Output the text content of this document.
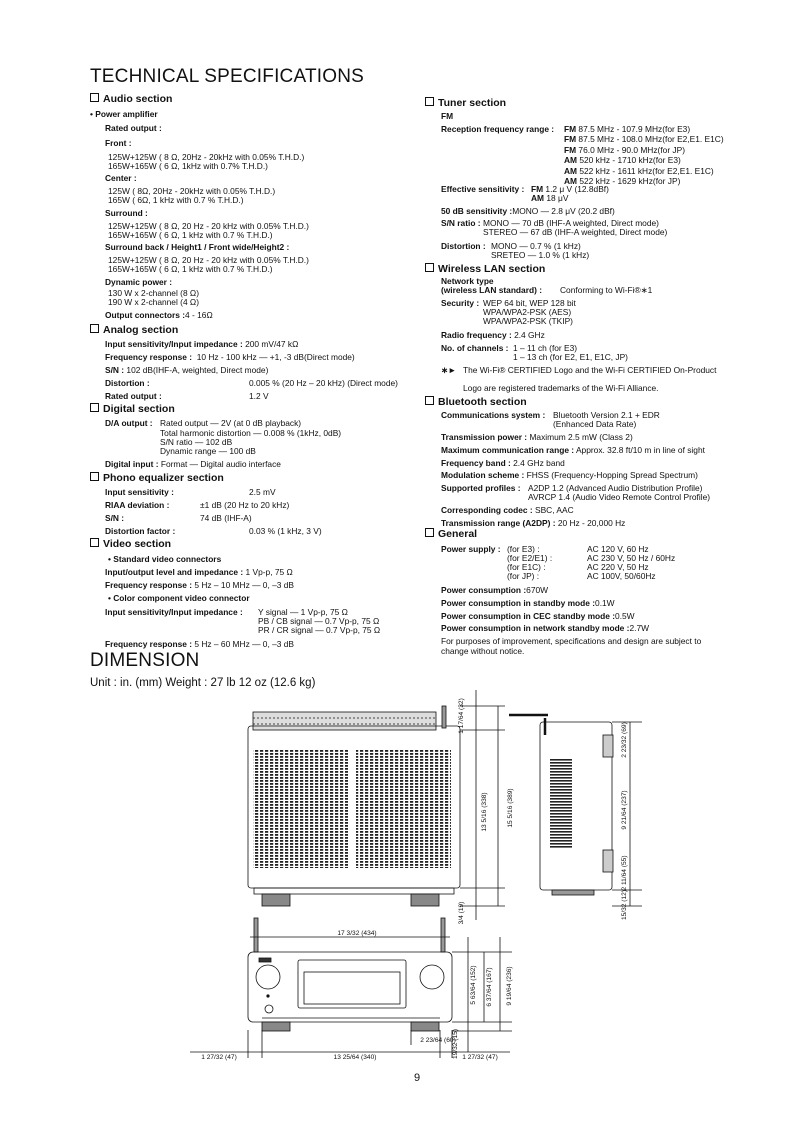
TECHNICAL SPECIFICATIONS
Audio section
• Power amplifier
Rated output :
Front :
125W+125W ( 8 Ω, 20Hz - 20kHz with 0.05% T.H.D.)
165W+165W ( 6 Ω, 1kHz with 0.7% T.H.D.)
Center :
125W ( 8Ω, 20Hz - 20kHz with 0.05% T.H.D.)
165W ( 6Ω, 1 kHz with 0.7 % T.H.D.)
Surround :
125W+125W ( 8 Ω, 20 Hz - 20 kHz with 0.05% T.H.D.)
165W+165W ( 6 Ω, 1 kHz with 0.7 % T.H.D.)
Surround back / Height1 / Front wide/Height2 :
125W+125W ( 8 Ω, 20 Hz - 20 kHz with 0.05% T.H.D.)
165W+165W ( 6 Ω, 1 kHz with 0.7 % T.H.D.)
Dynamic power :
130 W x 2-channel (8 Ω)
190 W x 2-channel (4 Ω)
Output connectors :4 - 16Ω
Analog section
Input sensitivity/Input impedance : 200 mV/47 kΩ
Frequency response : 10 Hz - 100 kHz — +1, -3 dB(Direct mode)
S/N : 102 dB(IHF-A, weighted, Direct mode)
Distortion :	0.005 % (20 Hz – 20 kHz) (Direct mode)
Rated output :	1.2 V
Digital section
D/A output : Rated output — 2V (at 0 dB playback)
Total harmonic distortion — 0.008 % (1kHz, 0dB)
S/N ratio — 102 dB
Dynamic range — 100 dB
Digital input : Format — Digital audio interface
Phono equalizer section
Input sensitivity :	2.5 mV
RIAA deviation :	±1 dB (20 Hz to 20 kHz)
S/N :	74 dB (IHF-A)
Distortion factor :	0.03 % (1 kHz, 3 V)
Video section
• Standard video connectors
Input/output level and impedance : 1 Vp-p, 75 Ω
Frequency response : 5 Hz – 10 MHz — 0, –3 dB
• Color component video connector
Input sensitivity/Input impedance : Y signal — 1 Vp-p, 75 Ω
PB / CB signal — 0.7 Vp-p, 75 Ω
PR / CR signal — 0.7 Vp-p, 75 Ω
Frequency response : 5 Hz – 60 MHz — 0, –3 dB
Tuner section
FM
Reception frequency range : FM 87.5 MHz - 107.9 MHz(for E3)
FM 87.5 MHz - 108.0 MHz(for E2,E1. E1C)
FM 76.0 MHz - 90.0 MHz(for JP)
AM 520 kHz - 1710 kHz(for E3)
AM 522 kHz - 1611 kHz(for E2,E1. E1C)
AM 522 kHz - 1629 kHz(for JP)
Effective sensitivity : FM 1.2 μ V (12.8dBf)
AM 18 μV
50 dB sensitivity :MONO — 2.8 μV (20.2 dBf)
S/N ratio : MONO — 70 dB (IHF-A weighted, Direct mode)
STEREO — 67 dB (IHF-A weighted, Direct mode)
Distortion : MONO — 0.7 % (1 kHz)
SRETEO — 1.0 % (1 kHz)
Wireless LAN section
Network type
(wireless LAN standard) : Conforming to Wi-Fi®∗1
Security : WEP 64 bit, WEP 128 bit
WPA/WPA2-PSK (AES)
WPA/WPA2-PSK (TKIP)
Radio frequency : 2.4 GHz
No. of channels : 1 – 11 ch (for E3)
1 – 13 ch (for E2, E1, E1C, JP)
∗► The Wi-Fi® CERTIFIED Logo and the Wi-Fi CERTIFIED On-Product
Logo are registered trademarks of the Wi-Fi Alliance.
Bluetooth section
Communications system : Bluetooth Version 2.1 + EDR
(Enhanced Data Rate)
Transmission power : Maximum 2.5 mW (Class 2)
Maximum communication range : Approx. 32.8 ft/10 m in line of sight
Frequency band : 2.4 GHz band
Modulation scheme : FHSS (Frequency-Hopping Spread Spectrum)
Supported profiles : A2DP 1.2 (Advanced Audio Distribution Profile)
AVRCP 1.4 (Audio Video Remote Control Profile)
Corresponding codec : SBC, AAC
Transmission range (A2DP) : 20 Hz - 20,000 Hz
General
Power supply : (for E3) :	AC 120 V, 60 Hz
(for E2/E1) :	AC 230 V, 50 Hz / 60Hz
(for E1C) :	AC 220 V, 50 Hz
(for JP) :	AC 100V, 50/60Hz
Power consumption :670W
Power consumption in standby mode :0.1W
Power consumption in CEC standby mode :0.5W
Power consumption in network standby mode :2.7W
For purposes of improvement, specifications and design are subject to
change without notice.
DIMENSION
Unit : in. (mm) Weight : 27 lb 12 oz (12.6 kg)
1 17/64 (32)
13 5/16 (338)	15 5/16 (389)
3/4 (19)
2 23/32 (69)
9 21/64 (237)
2 11/64 (55)
15/32 (12)
17 3/32 (434)
5 63/64 (152) 6 37/64 (167) 9 19/64 (236)
19/32 (15)
2 23/64 (60)
1 27/32 (47)	13 25/64 (340)	1 27/32 (47)
9
